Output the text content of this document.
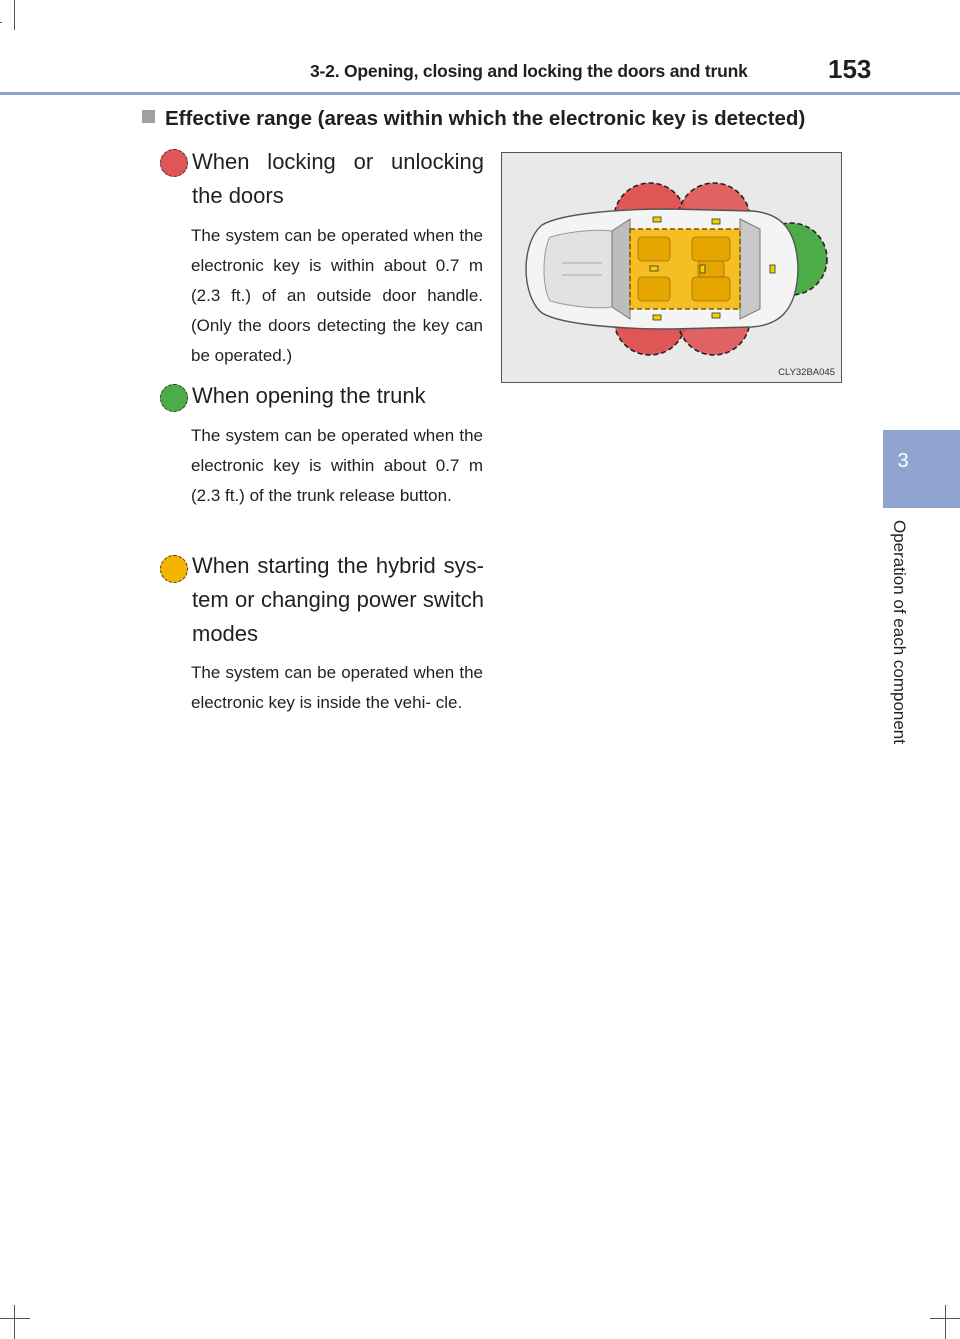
3-2. Opening, closing and locking the doors and trunk	153
3
Operation of each component
Effective range (areas within which the electronic key is detected)
When locking or unlocking the doors
The system can be operated when the electronic key is within about 0.7 m (2.3 ft.) of an outside door handle. (Only the doors detecting the key can be operated.)
When opening the trunk
The system can be operated when the electronic key is within about 0.7 m (2.3 ft.) of the trunk release button.
When starting the hybrid sys- tem or changing power switch modes
The system can be operated when the electronic key is inside the vehi- cle.
CLY32BA045
